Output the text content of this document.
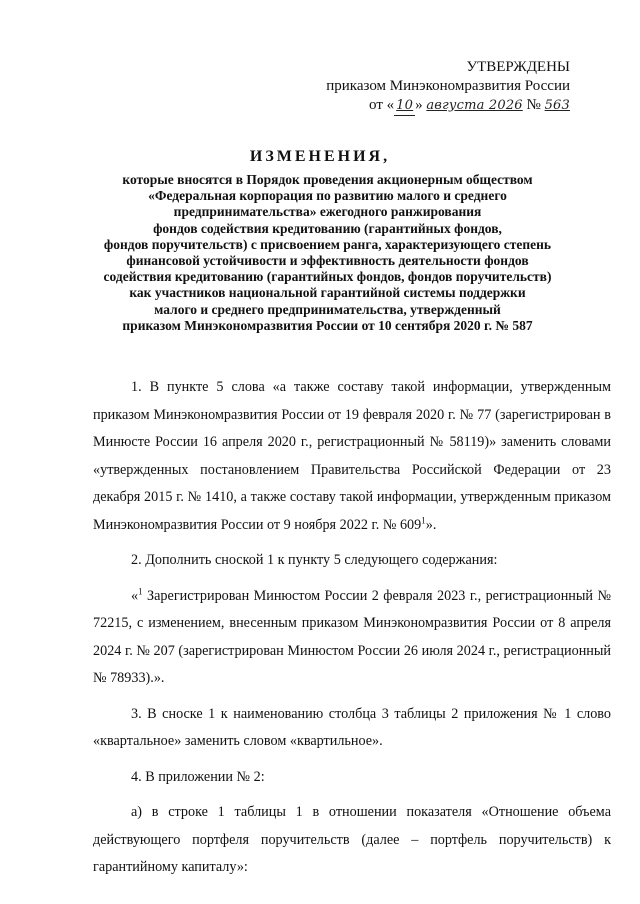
УТВЕРЖДЕНЫ
приказом Минэкономразвития России
от « 10 » августа 2026 № 563
ИЗМЕНЕНИЯ,
которые вносятся в Порядок проведения акционерным обществом
«Федеральная корпорация по развитию малого и среднего
предпринимательства» ежегодного ранжирования
фондов содействия кредитованию (гарантийных фондов,
фондов поручительств) с присвоением ранга, характеризующего степень
финансовой устойчивости и эффективность деятельности фондов
содействия кредитованию (гарантийных фондов, фондов поручительств)
как участников национальной гарантийной системы поддержки
малого и среднего предпринимательства, утвержденный
приказом Минэкономразвития России от 10 сентября 2020 г. № 587

1. В пункте 5 слова «а также составу такой информации, утвержденным приказом Минэкономразвития России от 19 февраля 2020 г. № 77 (зарегистрирован в Минюсте России 16 апреля 2020 г., регистрационный № 58119)» заменить словами «утвержденных постановлением Правительства Российской Федерации от 23 декабря 2015 г. № 1410, а также составу такой информации, утвержденным приказом Минэкономразвития России от 9 ноября 2022 г. № $609^1$».

2. Дополнить сноской 1 к пункту 5 следующего содержания:

«$^1$ Зарегистрирован Минюстом России 2 февраля 2023 г., регистрационный № 72215, с изменением, внесенным приказом Минэкономразвития России от 8 апреля 2024 г. № 207 (зарегистрирован Минюстом России 26 июля 2024 г., регистрационный № 78933).».

3. В сноске 1 к наименованию столбца 3 таблицы 2 приложения № 1 слово «квартальное» заменить словом «квартильное».

4. В приложении № 2:

а) в строке 1 таблицы 1 в отношении показателя «Отношение объема действующего портфеля поручительств (далее – портфель поручительств) к гарантийному капиталу»:
